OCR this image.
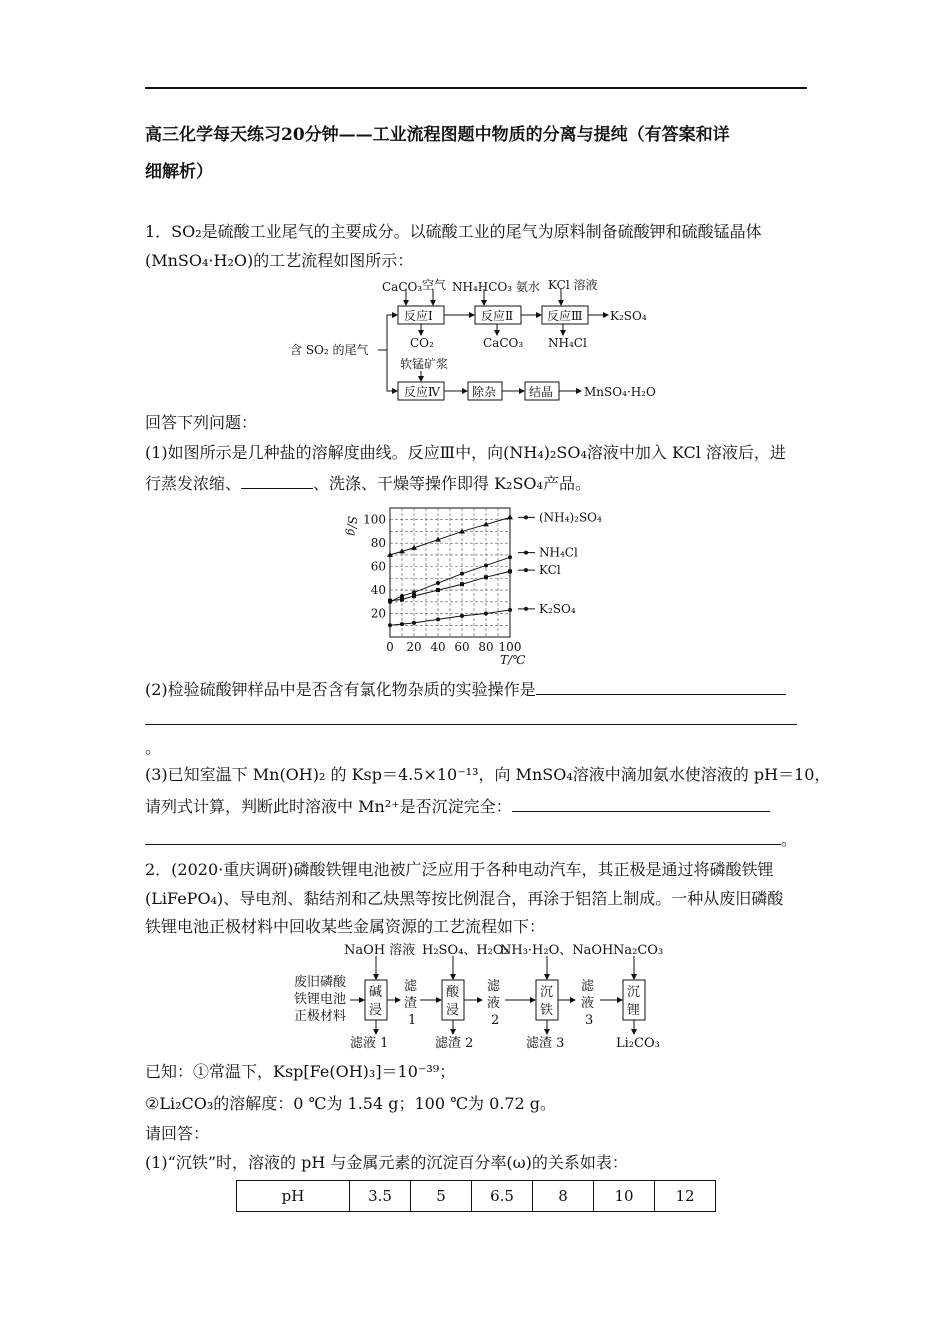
高三化学每天练习20分钟——工业流程图题中物质的分离与提纯（有答案和详
细解析）
1．SO₂是硫酸工业尾气的主要成分。以硫酸工业的尾气为原料制备硫酸钾和硫酸锰晶体
(MnSO₄·H₂O)的工艺流程如图所示：
含 SO₂ 的尾气
CaCO₃ 空气
反应Ⅰ
CO₂
NH₄HCO₃ 氨水
反应Ⅱ
CaCO₃
KCl 溶液
反应Ⅲ
NH₄Cl
K₂SO₄
软锰矿浆
反应Ⅳ	除杂	结晶	MnSO₄·H₂O
回答下列问题：
(1)如图所示是几种盐的溶解度曲线。反应Ⅲ中，向(NH₄)₂SO₄溶液中加入 KCl 溶液后，进
行蒸发浓缩、	、洗涤、干燥等操作即得 K₂SO₄产品。
0 20 40 60 80 100
20
40
60
80
100
T/℃
S/g	(NH₄)₂SO₄
NH₄Cl
KCl
K₂SO₄
(2)检验硫酸钾样品中是否含有氯化物杂质的实验操作是
。
(3)已知室温下 Mn(OH)₂ 的 Ksp＝4.5×10⁻¹³，向 MnSO₄溶液中滴加氨水使溶液的 pH＝10，
请列式计算，判断此时溶液中 Mn²⁺是否沉淀完全：
。
2．(2020·重庆调研)磷酸铁锂电池被广泛应用于各种电动汽车，其正极是通过将磷酸铁锂
(LiFePO₄)、导电剂、黏结剂和乙炔黑等按比例混合，再涂于铝箔上制成。一种从废旧磷酸
铁锂电池正极材料中回收某些金属资源的工艺流程如下：
废旧磷酸
铁锂电池
正极材料
NaOH 溶液
碱
浸
滤液 1
滤
渣
1
H₂SO₄、H₂O₂
酸
浸
滤渣 2
滤
液
2
NH₃·H₂O、NaOH
沉
铁
滤渣 3
滤
液
3
Na₂CO₃
沉
锂
Li₂CO₃
已知：①常温下，Ksp[Fe(OH)₃]＝10⁻³⁹；
②Li₂CO₃的溶解度：0 ℃为 1.54 g；100 ℃为 0.72 g。
请回答：
(1)“沉铁”时，溶液的 pH 与金属元素的沉淀百分率(ω)的关系如表：
pH	3.5	5	6.5	8	10	12
